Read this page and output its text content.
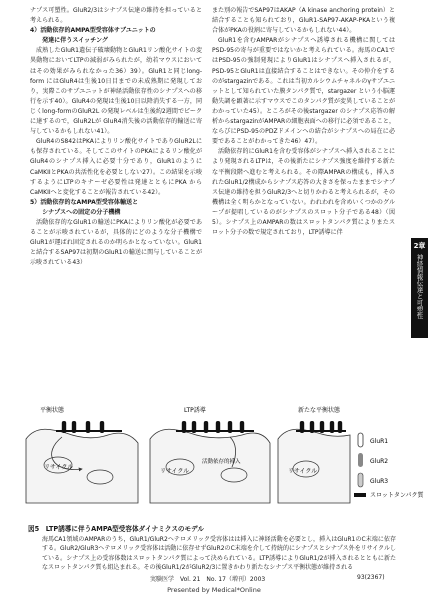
ナプス可塑性。GluR2/3はシナプス伝達の維持を担っていると考えられる。

4）活動依存的AMPA型受容体サブユニットの

　　発達に伴うスイッチング

成熟したGluR1遺伝子破壊動物とGluR1リン酸化サイトの変異動物においてLTPの減弱がみられたが，幼若マウスにおいてはその効果がみられなかった36）39）。GluR1と同じlong-form にはGluR4は生後10日目までの未成熟期に発現しており，実際このサブユニットが神経活動依存性のシナプスへの移行を示す40）。GluR4の発現は生後10日以降消失する一方，同じくlong-formのGluR2L の発現レベルは生後約2週間でピークに達するので，GluR2Lが GluR4消失後の活動依存的輸送に寄与しているかもしれない41）。

GluR4のS842はPKAによりリン酸化サイトでありGluR2Lにも保存されている。そしてこのサイトのPKAによるリン酸化がGluR4のシナプス挿入に必要十分であり，GluR1のようにCaMKIIとPKAの共活性化を必要としない27）。この結果を示唆するようにLTPのキナーゼ必要性は発達とともにPKA からCaMKIIへと変化することが報告されている42）。

5）活動依存的なAMPA型受容体輸送と

　　シナプスへの固定の分子機構

活動依存的なGluR1の輸送にPKAによりリン酸化が必要であることが示唆されているが，具体的にどのような分子機構でGluR1が運ばれ固定されるのか明らかとなっていない。GluR1と結合するSAP97は初期のGluR1の輸送に関与していることが示唆されている43）

また別の報告でSAP97はAKAP（A kinase anchoring protein）と結合することも知られており，GluR1-SAP97-AKAP-PKAという複合体がPKAの役割に寄与しているかもしれない44）。

GluR1を含むAMPARがシナプスへ誘導される機構に関してはPSD-95の寄与が重要ではないかと考えられている。海馬のCA1ではPSD-95の強制発現によりGluR1はシナプスへ挿入されるが，PSD-95とGluR1は直接結合することはできない。その仲介をするのがstargazinである。これは当初カルシウムチャネルのγサブユニットとして知られていた膜タンパク質で，stargazer という小脳運動失調を顕著に示すマウスでこのタンパク質が変異していることがわかっていた45）。ところがその後stargazer のシナプス応答の解析からstargazinがAMPARの細胞表面への移行に必須であること，ならびにPSD-95のPDZドメインへの結合がシナプスへの局在に必要であることがわかってきた46）47）。

活動依存的にGluR1を含む受容体がシナプスへ挿入されることにより発現されるLTPは，その後新たにシナプス強度を維持する新たな平衡段階へ進むと考えられる。その際AMPARの構成も，挿入されたGluR1/2構成からシナプス応答の大きさを保ったままでシナプス伝達の維持を担うGluR2/3へと切りかわると考えられるが，その機構は全く明らかとなっていない。われわれを含めいくつかのグループが提唱しているのがシナプスのスロット分子である48）（図5）。シナプス上のAMPARの数はスロットタンパク質によりまたスロット分子の数で規定されており，LTP誘導に伴

2章
神経情報伝達と可塑性
平衡状態
リサイクル
LTP誘導
リサイクル
活動依存的挿入
新たな平衡状態
リサイクル
GluR1
GluR2
GluR3
スロットタンパク質
図5　LTP誘導に伴うAMPA型受容体ダイナミクスのモデル
海馬CA1領域のAMPARのうち，GluR1/GluR2ヘテロメリック受容体はは挿入に神経活動を必要とし，挿入はGluR1のC末端に依存する。GluR2/GluR3ヘテロメリック受容体は活動に依存せずGluR2のC末端を介して持続的にシナプスとシナプス外をリサイクルしている。シナプス上の受容体数はスロットタンパク質によって決められている。LTP誘導によりGluR1/2が挿入されるとともに新たなスロットタンパク質も組込まれる。その後GluR1/2がGluR2/3に置きかわり新たなシナプス平衡状態が維持される
実験医学　Vol. 21　No. 17（増刊）2003	93(2367)
Presented by Medical*Online
